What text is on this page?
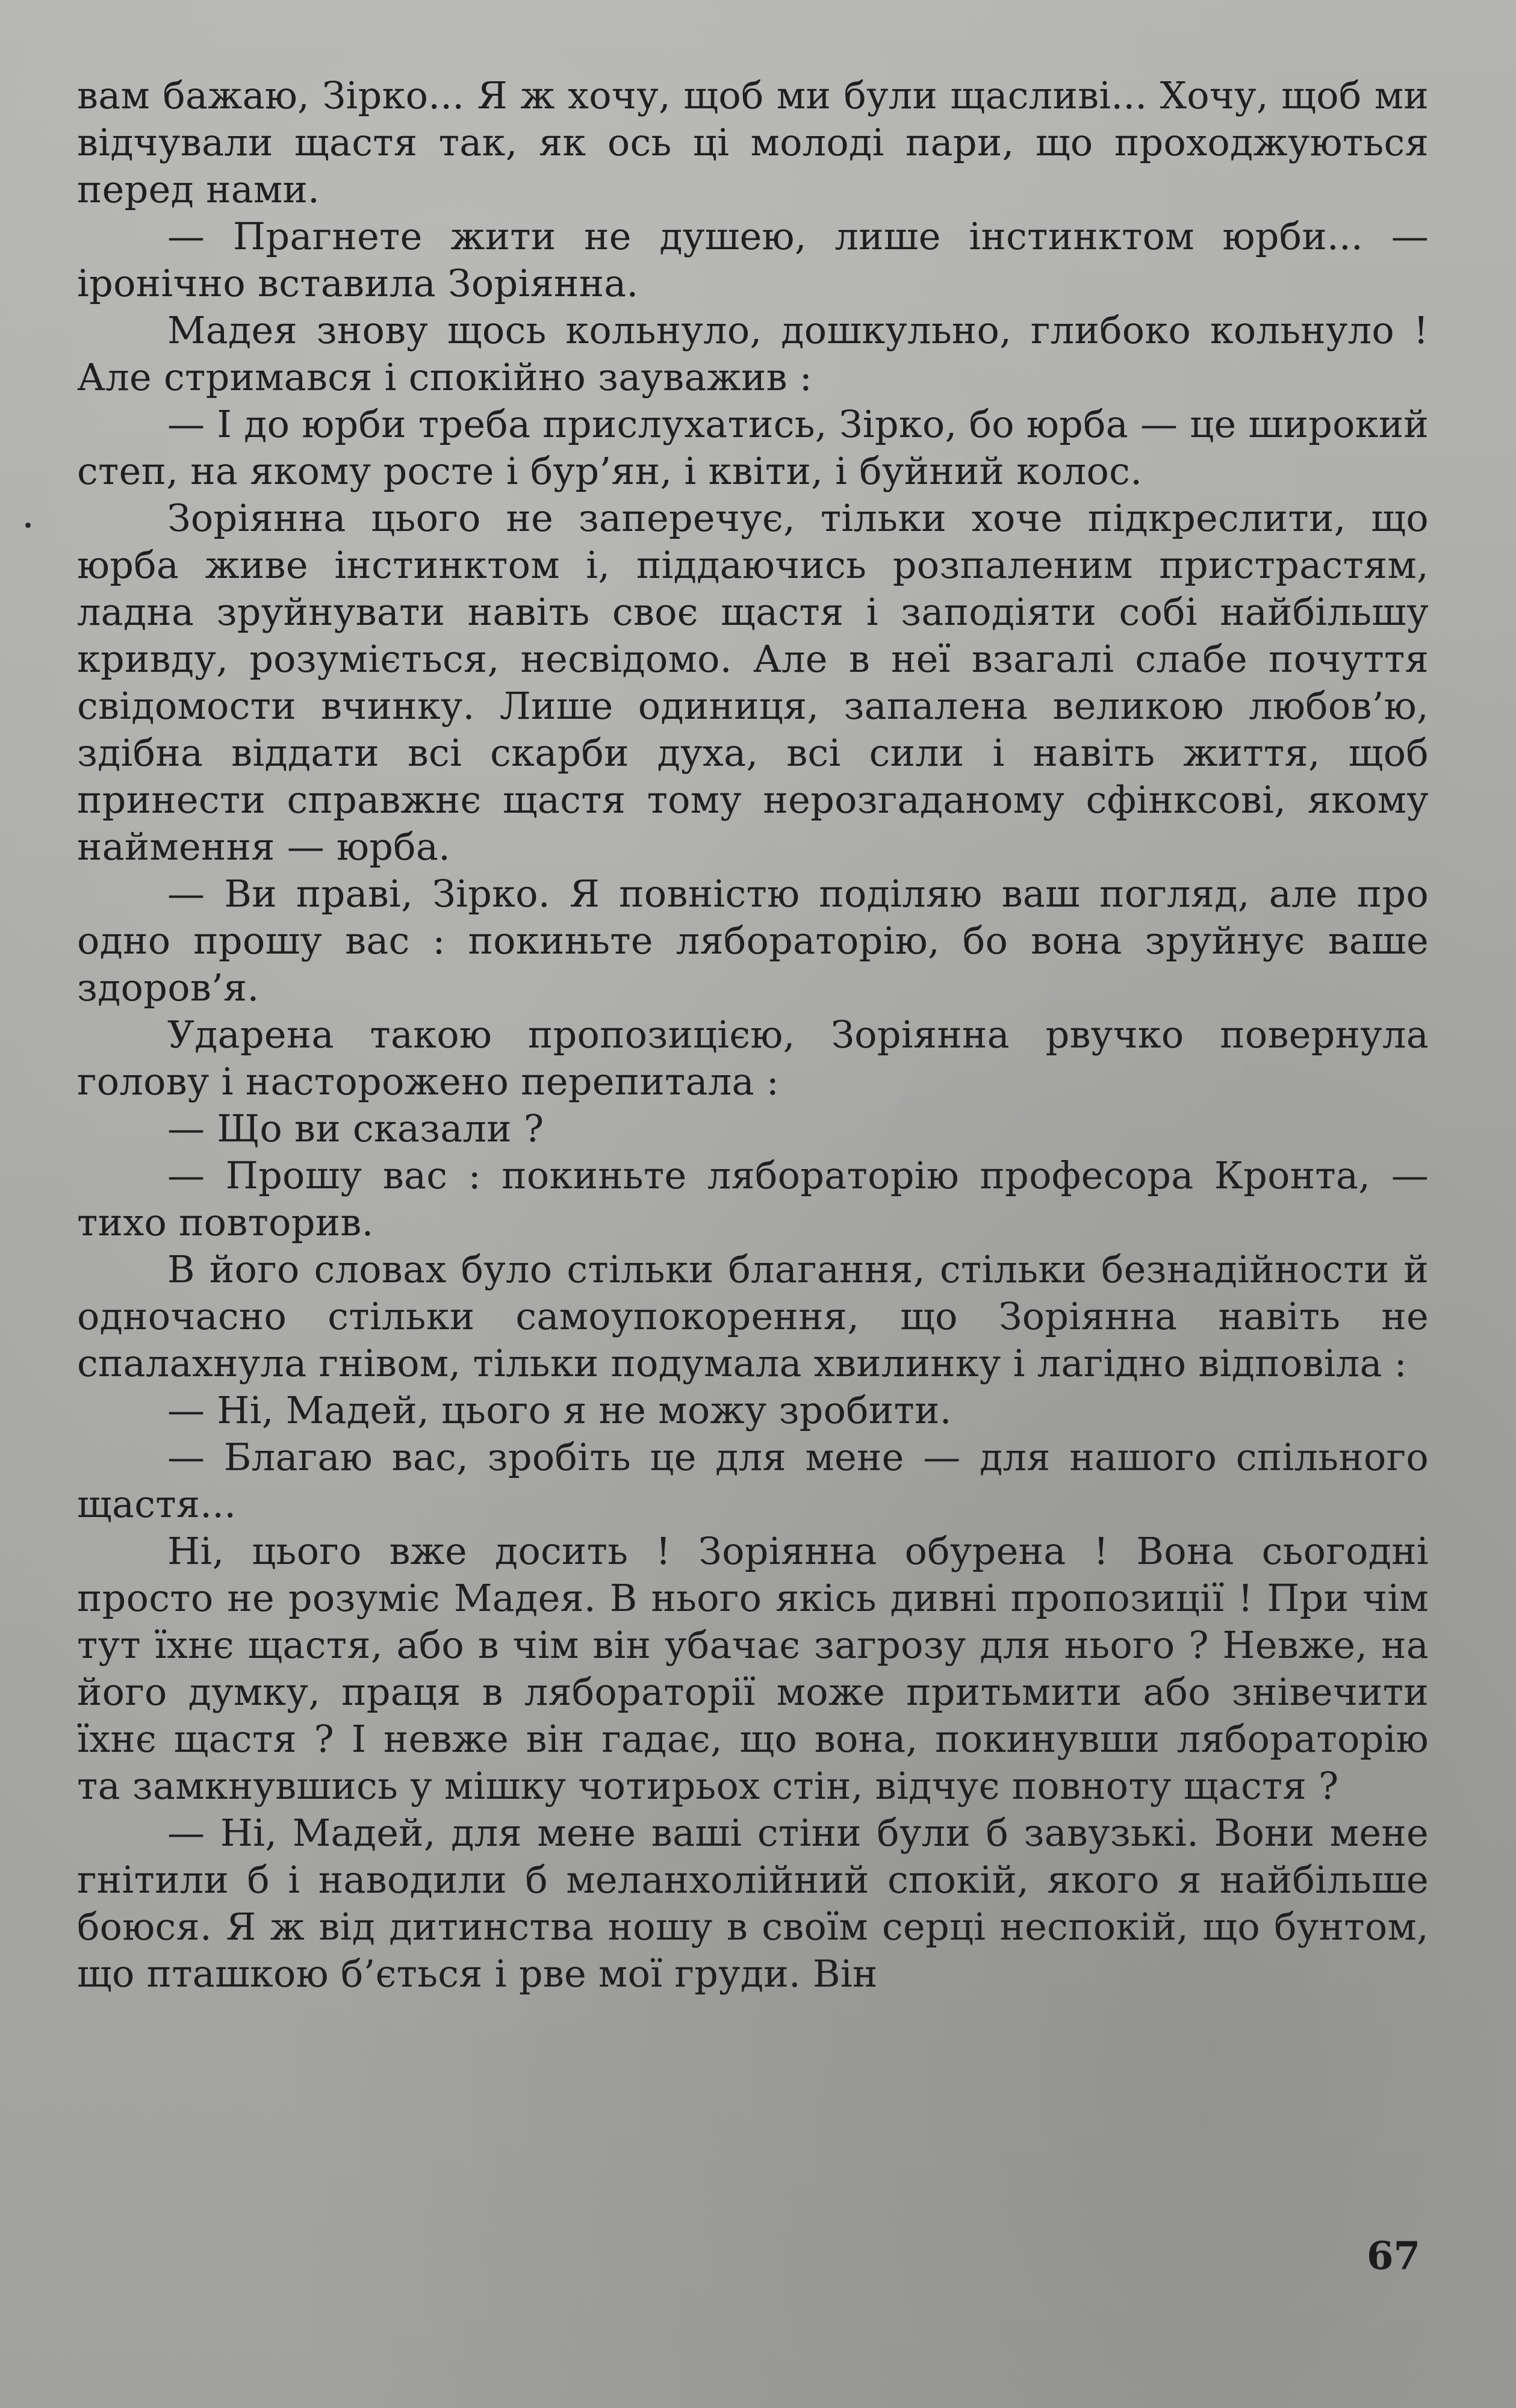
вам бажаю, Зірко... Я ж хочу, щоб ми були щасливі... Хочу, щоб ми відчували щастя так, як ось ці молоді пари, що проходжуються перед нами.

— Прагнете жити не душею, лише інстинктом юрби... — іронічно вставила Зоріянна.

Мадея знову щось кольнуло, дошкульно, глибоко кольнуло ! Але стримався і спокійно зауважив :

— І до юрби треба прислухатись, Зірко, бо юрба — це широкий степ, на якому росте і бур’ян, і квіти, і буйний колос.

Зоріянна цього не заперечує, тільки хоче підкреслити, що юрба живе інстинктом і, піддаючись розпаленим пристрастям, ладна зруйнувати навіть своє щастя і заподіяти собі найбільшу кривду, розуміється, несвідомо. Але в неї взагалі слабе почуття свідомости вчинку. Лише одиниця, запалена великою любов’ю, здібна віддати всі скарби духа, всі сили і навіть життя, щоб принести справжнє щастя тому нерозгаданому сфінксові, якому наймення — юрба.

— Ви праві, Зірко. Я повністю поділяю ваш погляд, але про одно прошу вас : покиньте лябораторію, бо вона зруйнує ваше здоров’я.

Ударена такою пропозицією, Зоріянна рвучко повернула голову і насторожено перепитала :

— Що ви сказали ?

— Прошу вас : покиньте лябораторію професора Кронта, — тихо повторив.

В його словах було стільки благання, стільки безнадійности й одночасно стільки самоупокорення, що Зоріянна навіть не спалахнула гнівом, тільки подумала хвилинку і лагідно відповіла :

— Ні, Мадей, цього я не можу зробити.

— Благаю вас, зробіть це для мене — для нашого спільного щастя...

Ні, цього вже досить ! Зоріянна обурена ! Вона сьогодні просто не розуміє Мадея. В нього якісь дивні пропозиції ! При чім тут їхнє щастя, або в чім він убачає загрозу для нього ? Невже, на його думку, праця в лябораторії може притьмити або знівечити їхнє щастя ? І невже він гадає, що вона, покинувши лябораторію та замкнувшись у мішку чотирьох стін, відчує повноту щастя ?

— Ні, Мадей, для мене ваші стіни були б завузькі. Вони мене гнітили б і наводили б меланхолійний спокій, якого я найбільше боюся. Я ж від дитинства ношу в своїм серці неспокій, що бунтом, що пташкою б’ється і рве мої груди. Він

67
